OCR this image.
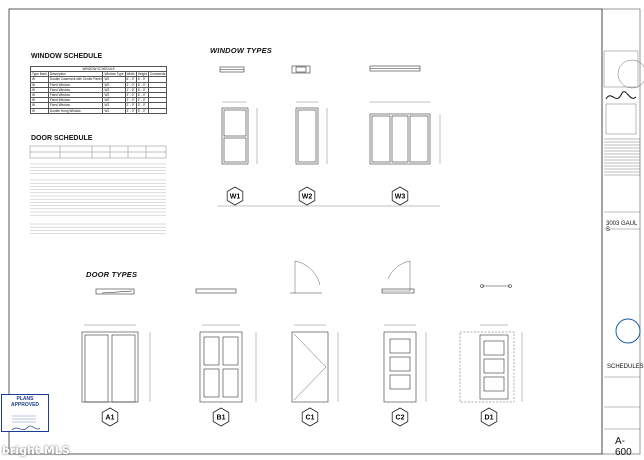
WINDOW SCHEDULE
WINDOW SCHEDULE					
Type Mark	Description	Window Type	Width	Height	Comments
W	Double Casement with Center Panel	W2	6' - 0"	6' - 0"	
W	Fixed Window	W2	3' - 0"	6' - 0"	
W	Fixed Window	W2	1' - 6"	6' - 0"	
W	Fixed Window	W2	3' - 0"	6' - 0"	
W	Fixed Window	W2	2' - 0"	2' - 0"	
W	Fixed Window	W2	2' - 0"	3' - 0"	
W	Double Hung Window	W1	3' - 0"	5' - 0"	
DOOR SCHEDULE
WINDOW TYPES
W1	W2	W3
DOOR TYPES
A1	B1	C1	C2	D1
3003 GAUL S
SCHEDULES
A-600
PLANS APPROVED
bright MLS
